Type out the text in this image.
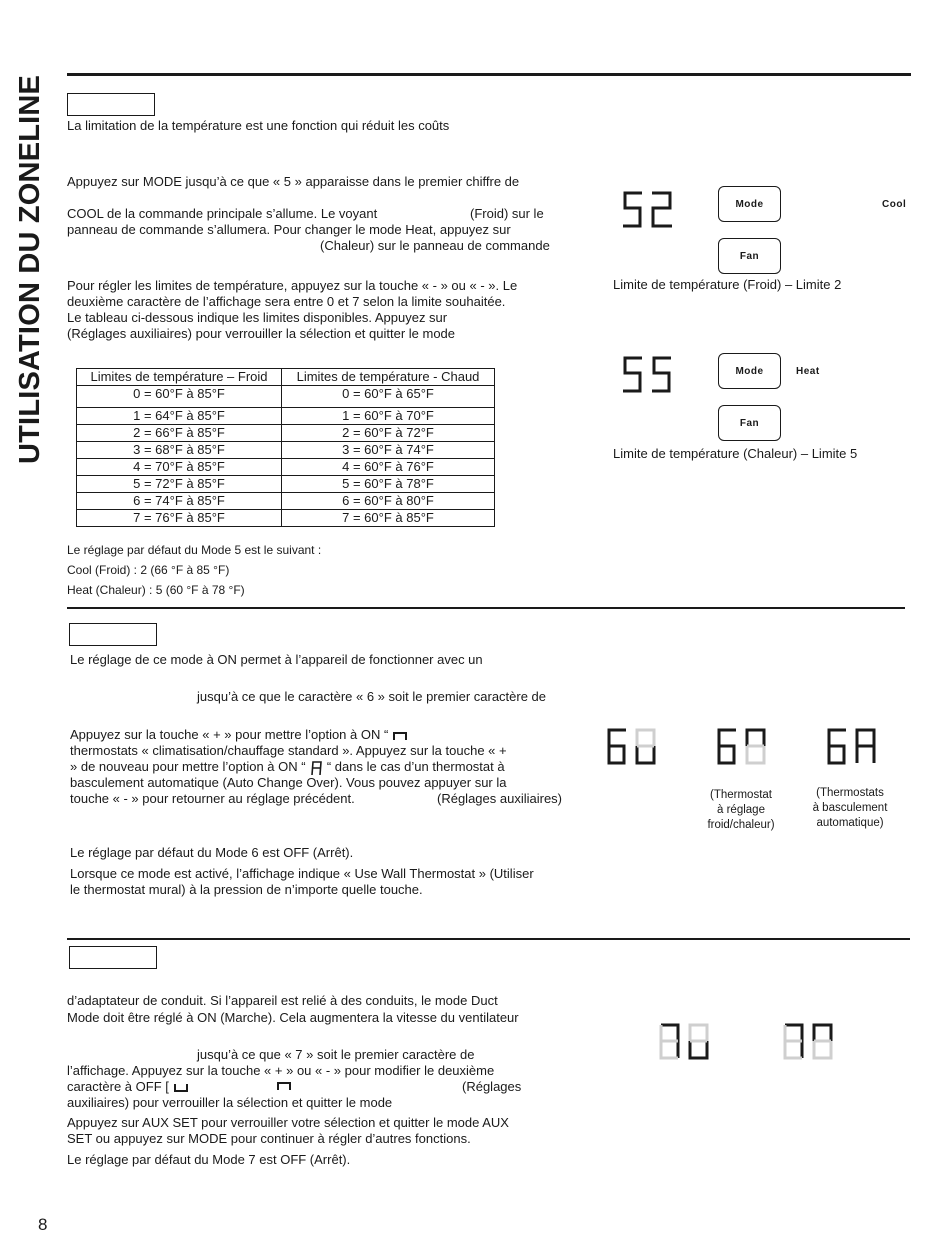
UTILISATION DU ZONELINE La limitation de la température est une fonction qui réduit les coûts
Appuyez sur MODE jusqu’à ce que « 5 » apparaisse dans le premier chiffre de
COOL de la commande principale s’allume. Le voyant	(Froid) sur le
panneau de commande s’allumera. Pour changer le mode Heat, appuyez sur
(Chaleur) sur le panneau de commande
Pour régler les limites de température, appuyez sur la touche « - » ou « - ». Le
deuxième caractère de l’affichage sera entre 0 et 7 selon la limite souhaitée.
Le tableau ci-dessous indique les limites disponibles. Appuyez sur
(Réglages auxiliaires) pour verrouiller la sélection et quitter le mode
Limites de température – Froid	Limites de température - Chaud
0 = 60°F à 85°F	0 = 60°F à 65°F
1 = 64°F à 85°F	1 = 60°F à 70°F
2 = 66°F à 85°F	2 = 60°F à 72°F
3 = 68°F à 85°F	3 = 60°F à 74°F
4 = 70°F à 85°F	4 = 60°F à 76°F
5 = 72°F à 85°F	5 = 60°F à 78°F
6 = 74°F à 85°F	6 = 60°F à 80°F
7 = 76°F à 85°F	7 = 60°F à 85°F
Le réglage par défaut du Mode 5 est le suivant :
Cool (Froid) : 2 (66 °F à 85 °F)
Heat (Chaleur) : 5 (60 °F à 78 °F)
Mode
Fan
Cool
Limite de température (Froid) – Limite 2
Mode
Fan
Heat
Limite de température (Chaleur) – Limite 5
Le réglage de ce mode à ON permet à l’appareil de fonctionner avec un
jusqu’à ce que le caractère « 6 » soit le premier caractère de
Appuyez sur la touche « + » pour mettre l’option à ON “
thermostats « climatisation/chauffage standard ». Appuyez sur la touche « +
» de nouveau pour mettre l’option à ON “ “ dans le cas d’un thermostat à
basculement automatique (Auto Change Over). Vous pouvez appuyer sur la
touche « - » pour retourner au réglage précédent.	(Réglages auxiliaires)
Le réglage par défaut du Mode 6 est OFF (Arrêt).
Lorsque ce mode est activé, l’affichage indique « Use Wall Thermostat » (Utiliser
le thermostat mural) à la pression de n’importe quelle touche.
(Thermostat
à réglage
froid/chaleur)
(Thermostats
à basculement
automatique)
d’adaptateur de conduit. Si l’appareil est relié à des conduits, le mode Duct
Mode doit être réglé à ON (Marche). Cela augmentera la vitesse du ventilateur
jusqu’à ce que « 7 » soit le premier caractère de
l’affichage. Appuyez sur la touche « + » ou « - » pour modifier le deuxième
caractère à OFF [	(Réglages
auxiliaires) pour verrouiller la sélection et quitter le mode
Appuyez sur AUX SET pour verrouiller votre sélection et quitter le mode AUX
SET ou appuyez sur MODE pour continuer à régler d’autres fonctions.
Le réglage par défaut du Mode 7 est OFF (Arrêt).
8
